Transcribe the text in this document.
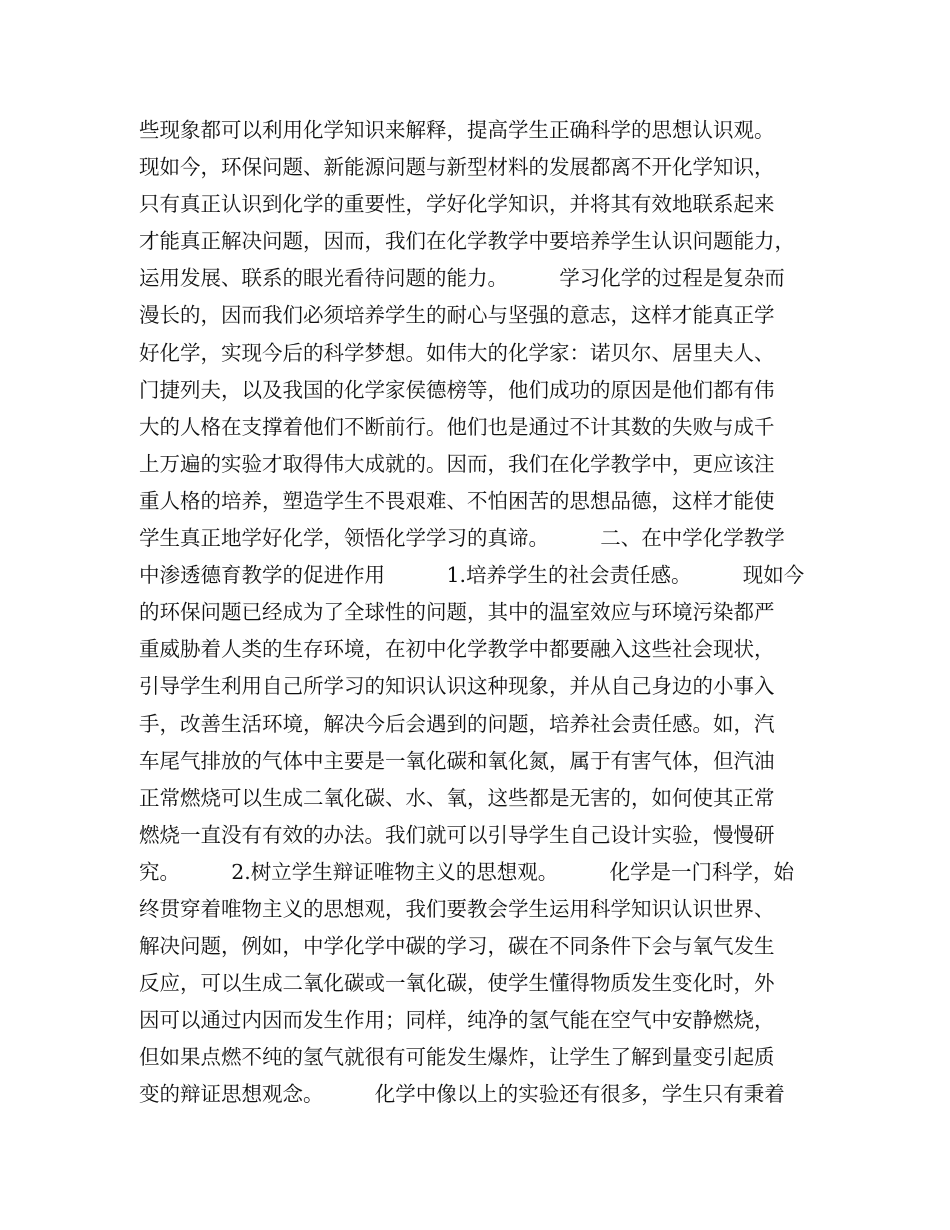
些现象都可以利用化学知识来解释，提高学生正确科学的思想认识观。
现如今，环保问题、新能源问题与新型材料的发展都离不开化学知识，
只有真正认识到化学的重要性，学好化学知识，并将其有效地联系起来
才能真正解决问题，因而，我们在化学教学中要培养学生认识问题能力，
运用发展、联系的眼光看待问题的能力。　　　学习化学的过程是复杂而
漫长的，因而我们必须培养学生的耐心与坚强的意志，这样才能真正学
好化学，实现今后的科学梦想。如伟大的化学家：诺贝尔、居里夫人、
门捷列夫，以及我国的化学家侯德榜等，他们成功的原因是他们都有伟
大的人格在支撑着他们不断前行。他们也是通过不计其数的失败与成千
上万遍的实验才取得伟大成就的。因而，我们在化学教学中，更应该注
重人格的培养，塑造学生不畏艰难、不怕困苦的思想品德，这样才能使
学生真正地学好化学，领悟化学学习的真谛。　　　二、在中学化学教学
中渗透德育教学的促进作用　　　1.培养学生的社会责任感。　　　现如今
的环保问题已经成为了全球性的问题，其中的温室效应与环境污染都严
重威胁着人类的生存环境，在初中化学教学中都要融入这些社会现状，
引导学生利用自己所学习的知识认识这种现象，并从自己身边的小事入
手，改善生活环境，解决今后会遇到的问题，培养社会责任感。如，汽
车尾气排放的气体中主要是一氧化碳和氧化氮，属于有害气体，但汽油
正常燃烧可以生成二氧化碳、水、氧，这些都是无害的，如何使其正常
燃烧一直没有有效的办法。我们就可以引导学生自己设计实验，慢慢研
究。　　　2.树立学生辩证唯物主义的思想观。　　　化学是一门科学，始
终贯穿着唯物主义的思想观，我们要教会学生运用科学知识认识世界、
解决问题，例如，中学化学中碳的学习，碳在不同条件下会与氧气发生
反应，可以生成二氧化碳或一氧化碳，使学生懂得物质发生变化时，外
因可以通过内因而发生作用；同样，纯净的氢气能在空气中安静燃烧，
但如果点燃不纯的氢气就很有可能发生爆炸，让学生了解到量变引起质
变的辩证思想观念。　　　化学中像以上的实验还有很多，学生只有秉着
